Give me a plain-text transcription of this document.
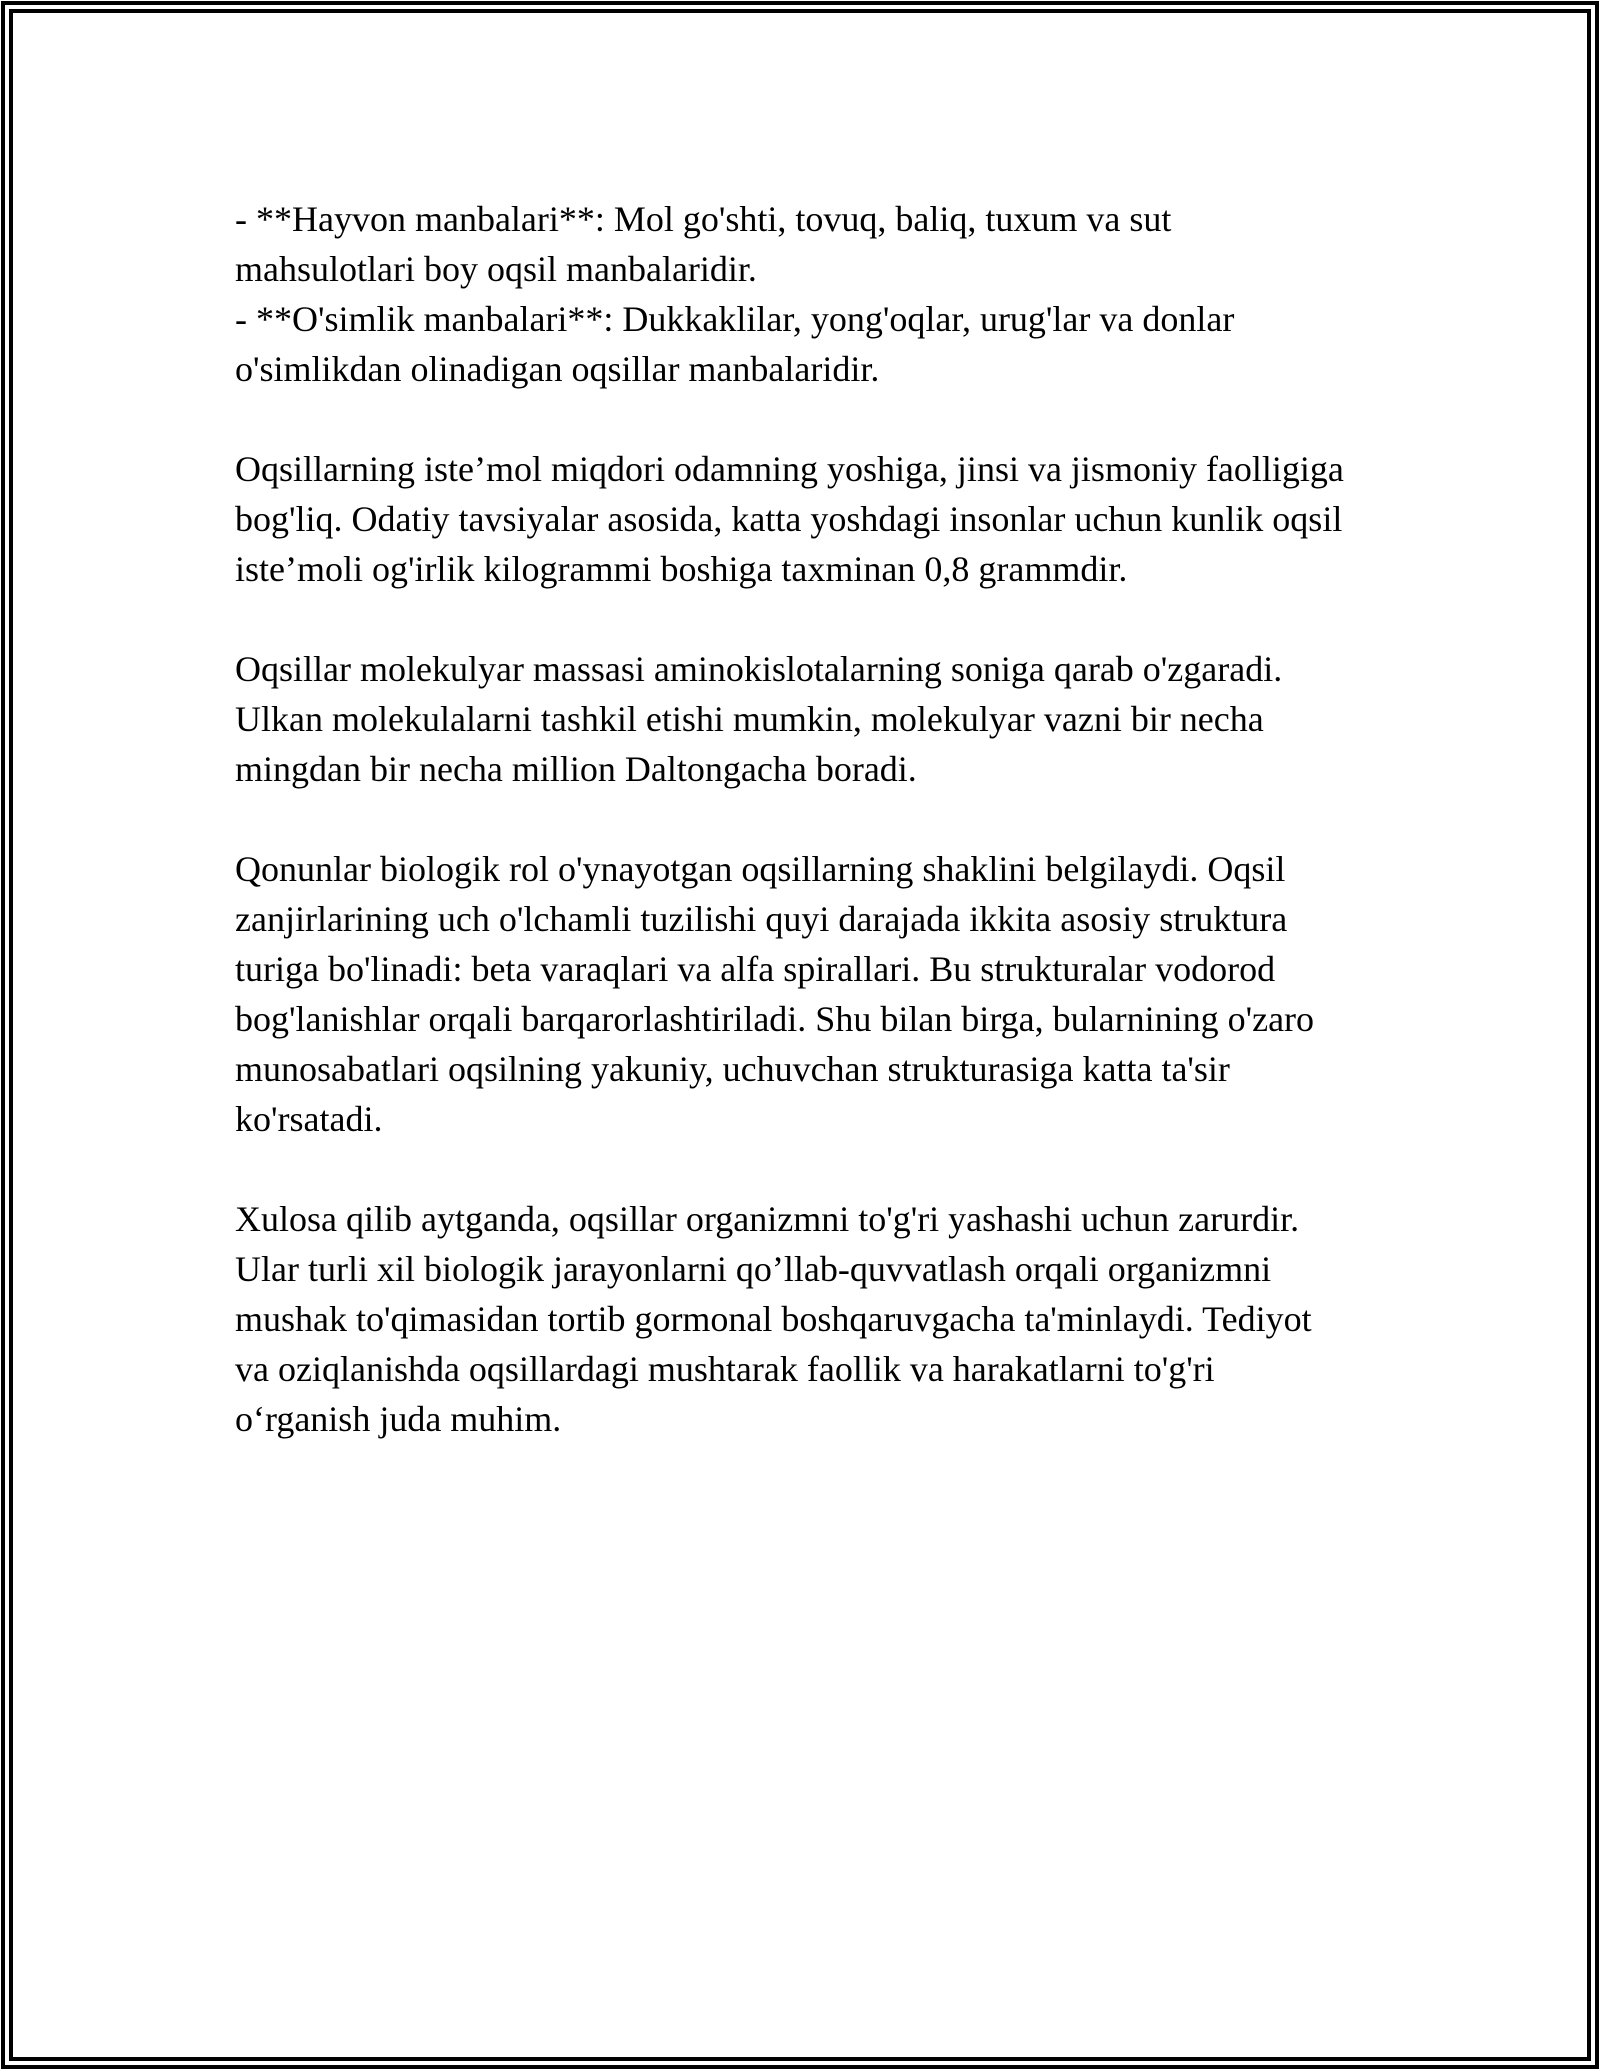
- **Hayvon manbalari**: Mol go'shti, tovuq, baliq, tuxum va sut
mahsulotlari boy oqsil manbalaridir.
- **O'simlik manbalari**: Dukkaklilar, yong'oqlar, urug'lar va donlar
o'simlikdan olinadigan oqsillar manbalaridir.

Oqsillarning iste’mol miqdori odamning yoshiga, jinsi va jismoniy faolligiga
bog'liq. Odatiy tavsiyalar asosida, katta yoshdagi insonlar uchun kunlik oqsil
iste’moli og'irlik kilogrammi boshiga taxminan 0,8 grammdir.

Oqsillar molekulyar massasi aminokislotalarning soniga qarab o'zgaradi.
Ulkan molekulalarni tashkil etishi mumkin, molekulyar vazni bir necha
mingdan bir necha million Daltongacha boradi.

Qonunlar biologik rol o'ynayotgan oqsillarning shaklini belgilaydi. Oqsil
zanjirlarining uch o'lchamli tuzilishi quyi darajada ikkita asosiy struktura
turiga bo'linadi: beta varaqlari va alfa spirallari. Bu strukturalar vodorod
bog'lanishlar orqali barqarorlashtiriladi. Shu bilan birga, bularnining o'zaro
munosabatlari oqsilning yakuniy, uchuvchan strukturasiga katta ta'sir
ko'rsatadi.

Xulosa qilib aytganda, oqsillar organizmni to'g'ri yashashi uchun zarurdir.
Ular turli xil biologik jarayonlarni qo’llab-quvvatlash orqali organizmni
mushak to'qimasidan tortib gormonal boshqaruvgacha ta'minlaydi. Tediyot
va oziqlanishda oqsillardagi mushtarak faollik va harakatlarni to'g'ri
o‘rganish juda muhim.
